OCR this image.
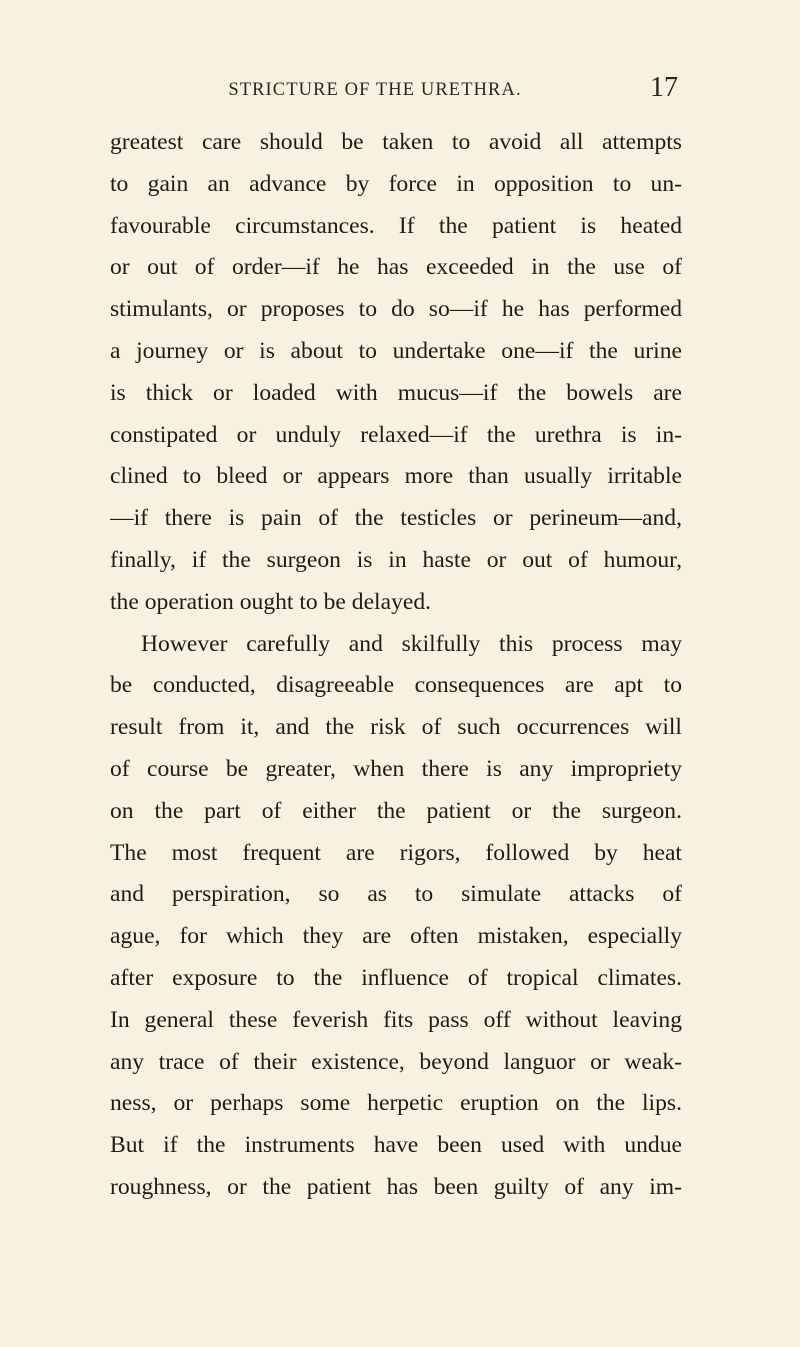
STRICTURE OF THE URETHRA.	17
greatest care should be taken to avoid all attempts
to gain an advance by force in opposition to un-
favourable circumstances. If the patient is heated
or out of order—if he has exceeded in the use of
stimulants, or proposes to do so—if he has performed
a journey or is about to undertake one—if the urine
is thick or loaded with mucus—if the bowels are
constipated or unduly relaxed—if the urethra is in-
clined to bleed or appears more than usually irritable
—if there is pain of the testicles or perineum—and,
finally, if the surgeon is in haste or out of humour,
the operation ought to be delayed.
However carefully and skilfully this process may
be conducted, disagreeable consequences are apt to
result from it, and the risk of such occurrences will
of course be greater, when there is any impropriety
on the part of either the patient or the surgeon.
The most frequent are rigors, followed by heat
and perspiration, so as to simulate attacks of
ague, for which they are often mistaken, especially
after exposure to the influence of tropical climates.
In general these feverish fits pass off without leaving
any trace of their existence, beyond languor or weak-
ness, or perhaps some herpetic eruption on the lips.
But if the instruments have been used with undue
roughness, or the patient has been guilty of any im-
